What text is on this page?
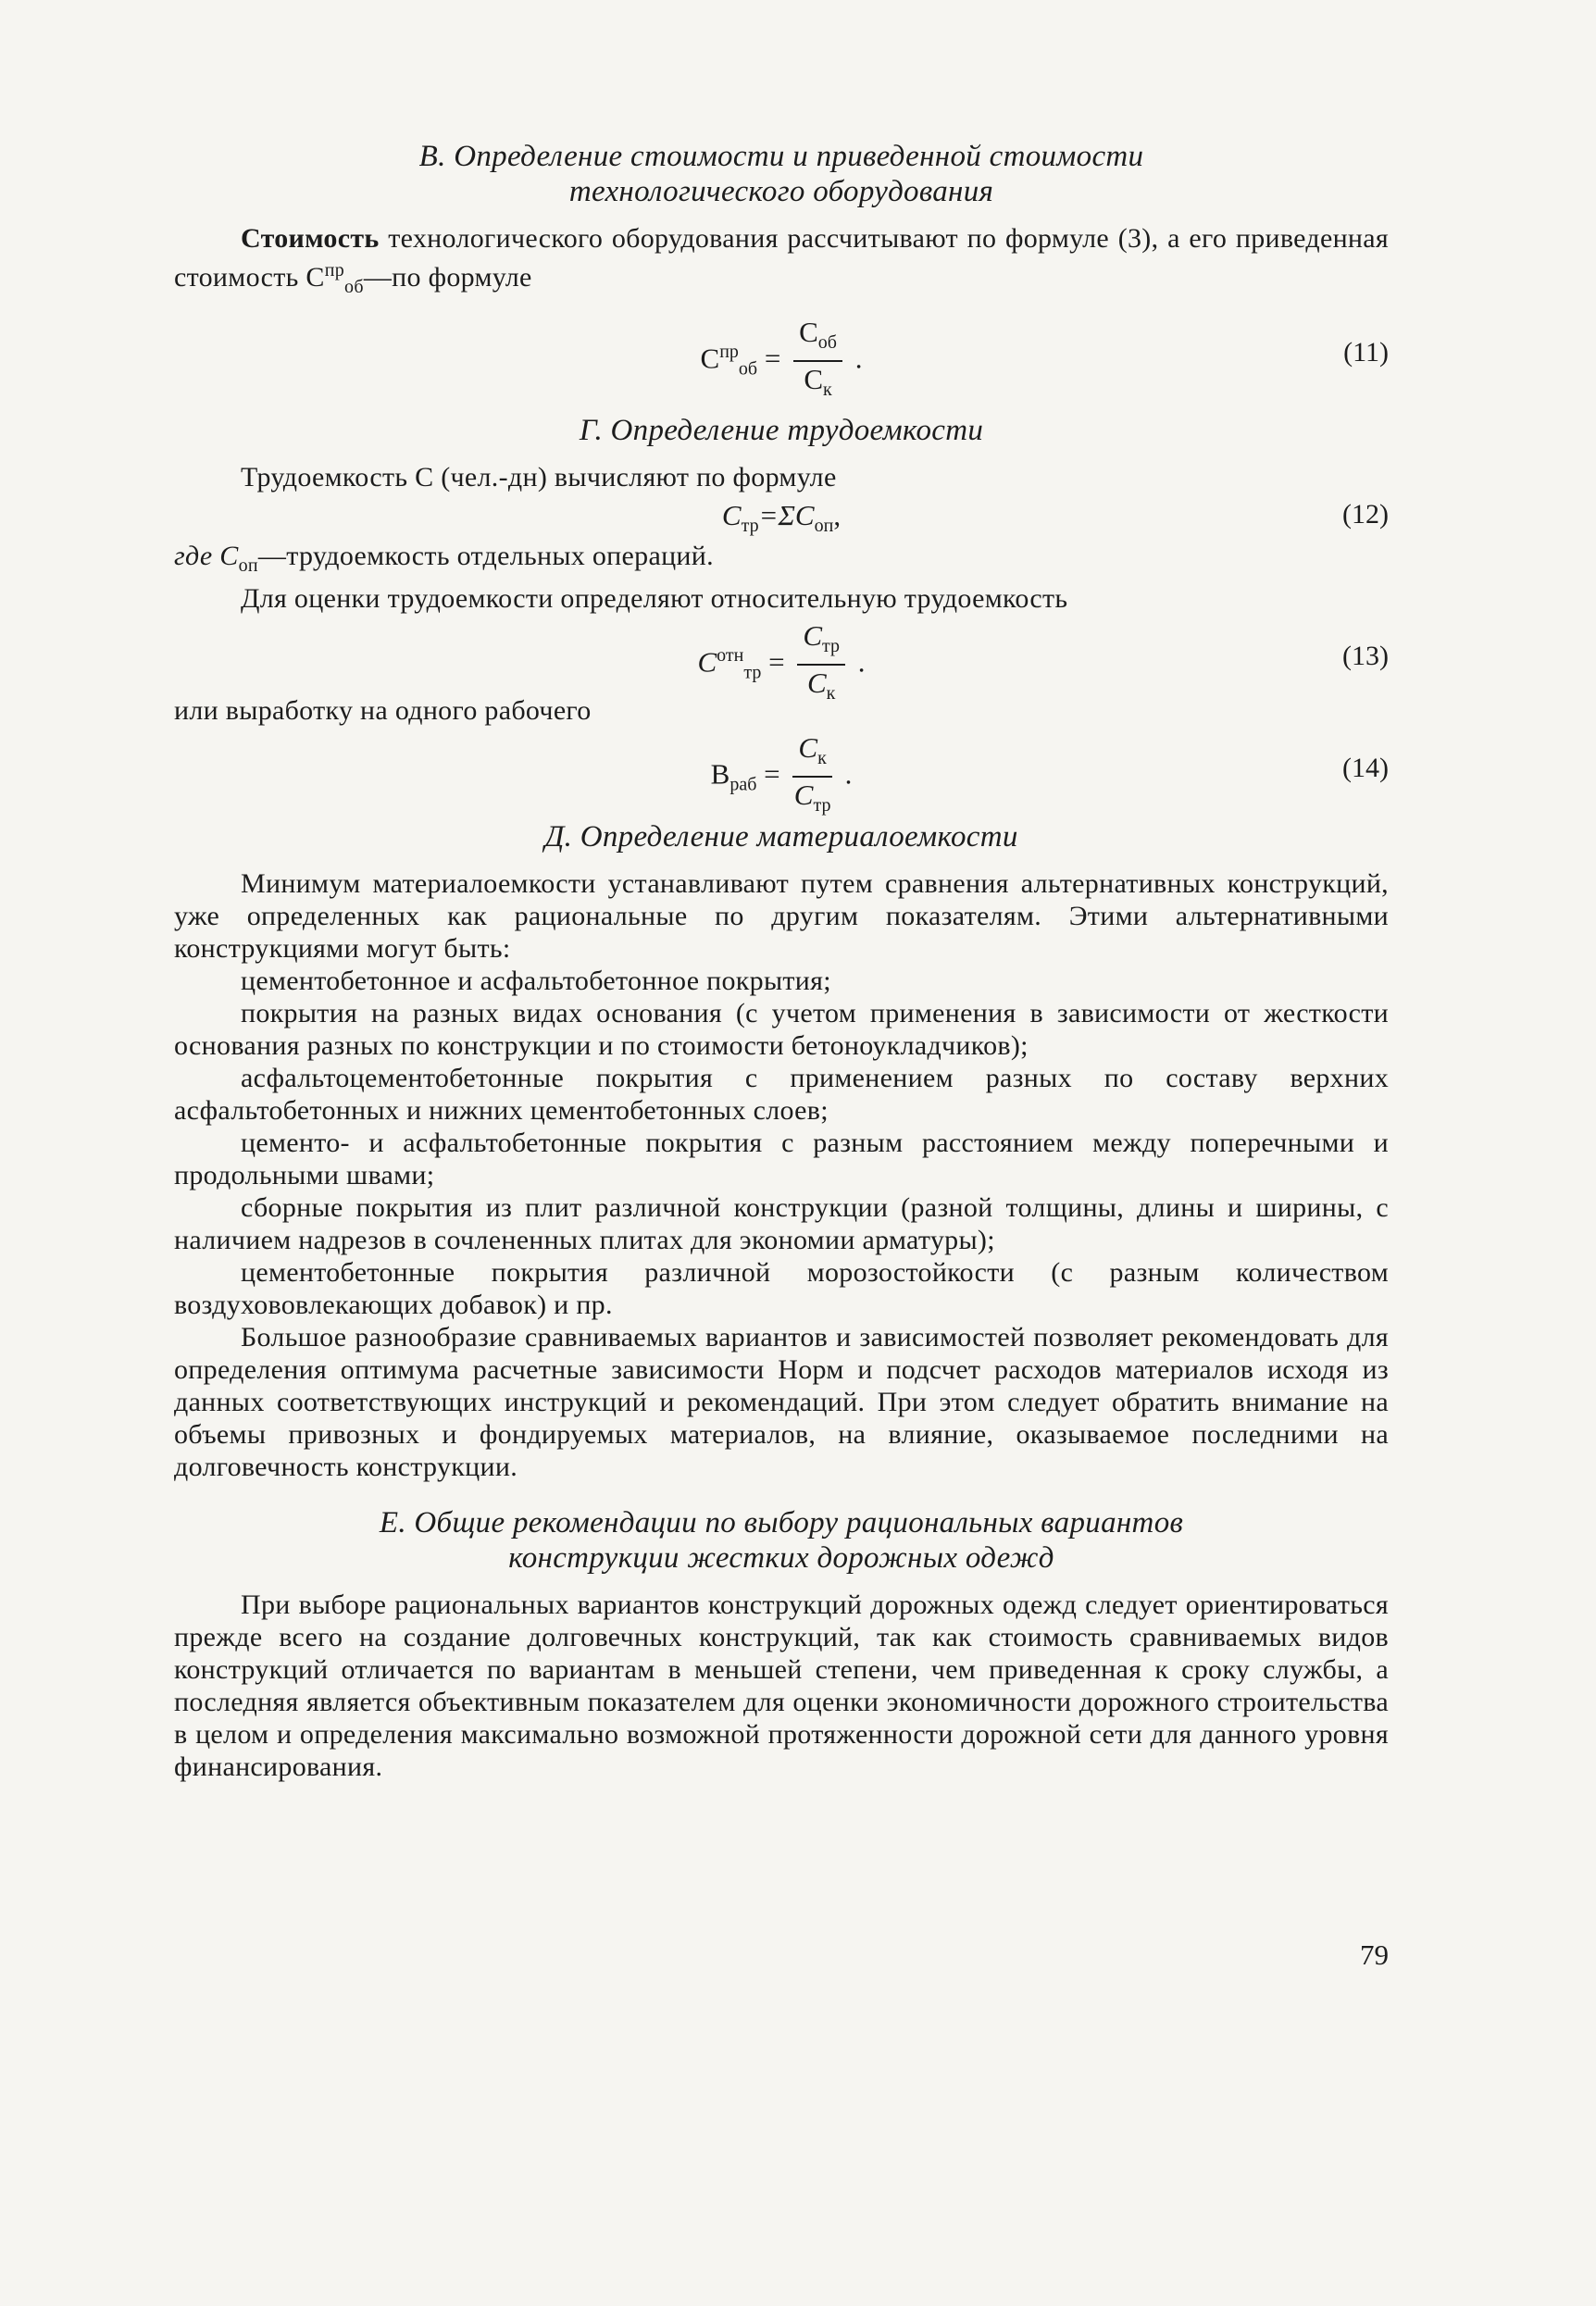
В. Определение стоимости и приведенной стоимости
технологического оборудования

Стоимость технологического оборудования рассчитывают по формуле (3), а его приведенная стоимость $С^{пр}_{об}—по$ формуле

$С^{пр}_{об} = \frac{С_{об}}{С_к}$ .	(11)
Г. Определение трудоемкости

Трудоемкость С (чел.-дн) вычисляют по формуле

$С_{тр}=\Sigma С_{оп}$,	(12)

где $С_{оп}—трудоемкость$ отдельных операций.

Для оценки трудоемкости определяют относительную трудоемкость

$С^{отн}_{тр} = \frac{С_{тр}}{С_к}$ .	(13)

или выработку на одного рабочего

$В_{раб} = \frac{С_к}{С_{тр}}$ .	(14)
Д. Определение материалоемкости

Минимум материалоемкости устанавливают путем сравнения альтернативных конструкций, уже определенных как рациональные по другим показателям. Этими альтернативными конструкциями могут быть:

цементобетонное и асфальтобетонное покрытия;

покрытия на разных видах основания (с учетом применения в зависимости от жесткости основания разных по конструкции и по стоимости бетоноукладчиков);

асфальтоцементобетонные покрытия с применением разных по составу верхних асфальтобетонных и нижних цементобетонных слоев;

цементо- и асфальтобетонные покрытия с разным расстоянием между поперечными и продольными швами;

сборные покрытия из плит различной конструкции (разной толщины, длины и ширины, с наличием надрезов в сочлененных плитах для экономии арматуры);

цементобетонные покрытия различной морозостойкости (с разным количеством воздухововлекающих добавок) и пр.

Большое разнообразие сравниваемых вариантов и зависимостей позволяет рекомендовать для определения оптимума расчетные зависимости Норм и подсчет расходов материалов исходя из данных соответствующих инструкций и рекомендаций. При этом следует обратить внимание на объемы привозных и фондируемых материалов, на влияние, оказываемое последними на долговечность конструкции.

Е. Общие рекомендации по выбору рациональных вариантов
конструкции жестких дорожных одежд

При выборе рациональных вариантов конструкций дорожных одежд следует ориентироваться прежде всего на создание долговечных конструкций, так как стоимость сравниваемых видов конструкций отличается по вариантам в меньшей степени, чем приведенная к сроку службы, а последняя является объективным показателем для оценки экономичности дорожного строительства в целом и определения максимально возможной протяженности дорожной сети для данного уровня финансирования.

79
